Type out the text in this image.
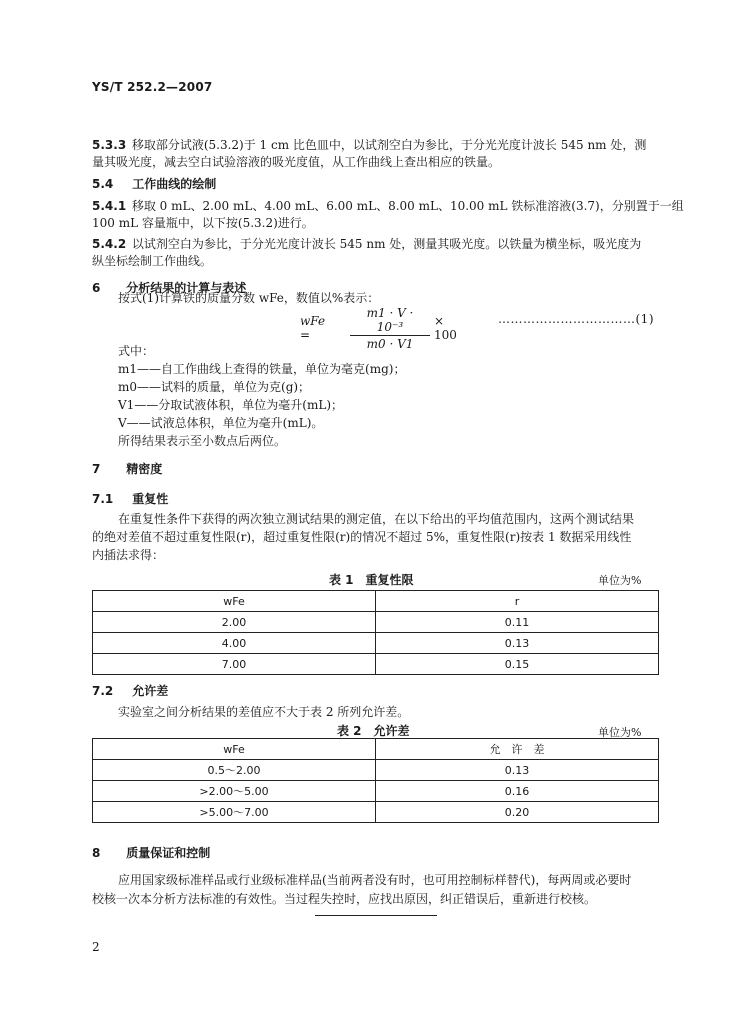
YS/T 252.2—2007
5.3.3 移取部分试液(5.3.2)于 1 cm 比色皿中，以试剂空白为参比，于分光光度计波长 545 nm 处，测
量其吸光度，减去空白试验溶液的吸光度值，从工作曲线上查出相应的铁量。
5.4 工作曲线的绘制
5.4.1 移取 0 mL、2.00 mL、4.00 mL、6.00 mL、8.00 mL、10.00 mL 铁标准溶液(3.7)，分别置于一组
100 mL 容量瓶中，以下按(5.3.2)进行。
5.4.2 以试剂空白为参比，于分光光度计波长 545 nm 处，测量其吸光度。以铁量为横坐标，吸光度为
纵坐标绘制工作曲线。
6 分析结果的计算与表述
按式(1)计算铁的质量分数 wFe，数值以%表示：
wFe =
m1 · V · 10⁻³
m0 · V1
× 100
……………………………(1)
式中：
m1——自工作曲线上查得的铁量，单位为毫克(mg)；
m0——试料的质量，单位为克(g)；
V1——分取试液体积，单位为毫升(mL)；
V——试液总体积，单位为毫升(mL)。
所得结果表示至小数点后两位。
7 精密度
7.1 重复性
在重复性条件下获得的两次独立测试结果的测定值，在以下给出的平均值范围内，这两个测试结果
的绝对差值不超过重复性限(r)，超过重复性限(r)的情况不超过 5%，重复性限(r)按表 1 数据采用线性
内插法求得：
表 1　重复性限	单位为%
wFe	r
2.00	0.11
4.00	0.13
7.00	0.15
7.2 允许差
实验室之间分析结果的差值应不大于表 2 所列允许差。
表 2　允许差	单位为%
wFe	允　许　差
0.5～2.00	0.13
>2.00～5.00	0.16
>5.00～7.00	0.20
8 质量保证和控制
应用国家级标准样品或行业级标准样品(当前两者没有时，也可用控制标样替代)，每两周或必要时
校核一次本分析方法标准的有效性。当过程失控时，应找出原因，纠正错误后，重新进行校核。
2
